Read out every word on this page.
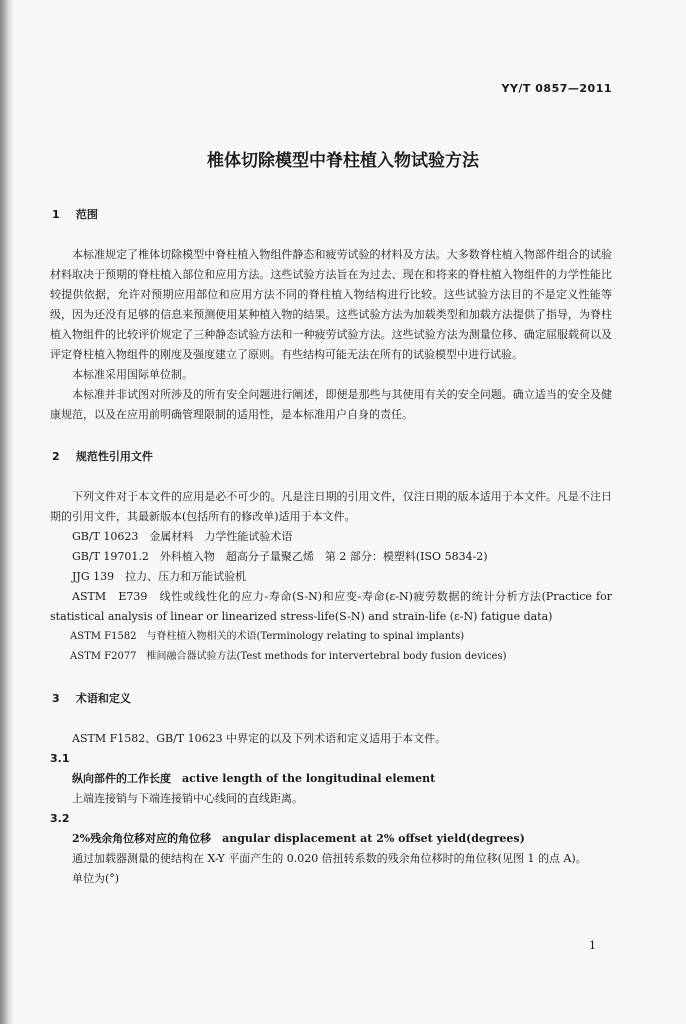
YY/T 0857—2011
椎体切除模型中脊柱植入物试验方法
1 范围

本标准规定了椎体切除模型中脊柱植入物组件静态和疲劳试验的材料及方法。大多数脊柱植入物部件组合的试验材料取决于预期的脊柱植入部位和应用方法。这些试验方法旨在为过去、现在和将来的脊柱植入物组件的力学性能比较提供依据，允许对预期应用部位和应用方法不同的脊柱植入物结构进行比较。这些试验方法目的不是定义性能等级，因为还没有足够的信息来预测使用某种植入物的结果。这些试验方法为加载类型和加载方法提供了指导，为脊柱植入物组件的比较评价规定了三种静态试验方法和一种疲劳试验方法。这些试验方法为测量位移、确定屈服载荷以及评定脊柱植入物组件的刚度及强度建立了原则。有些结构可能无法在所有的试验模型中进行试验。

本标准采用国际单位制。

本标准并非试图对所涉及的所有安全问题进行阐述，即便是那些与其使用有关的安全问题。确立适当的安全及健康规范，以及在应用前明确管理限制的适用性，是本标准用户自身的责任。

2 规范性引用文件

下列文件对于本文件的应用是必不可少的。凡是注日期的引用文件，仅注日期的版本适用于本文件。凡是不注日期的引用文件，其最新版本(包括所有的修改单)适用于本文件。

GB/T 10623　金属材料　力学性能试验术语

GB/T 19701.2　外科植入物　超高分子量聚乙烯　第 2 部分：模塑料(ISO 5834-2)

JJG 139　拉力、压力和万能试验机

ASTM　E739　线性或线性化的应力-寿命(S-N)和应变-寿命(ε-N)疲劳数据的统计分析方法(Practice for statistical analysis of linear or linearized stress-life(S-N) and strain-life (ε-N) fatigue data)

ASTM F1582　与脊柱植入物相关的术语(Terminology relating to spinal implants)

ASTM F2077　椎间融合器试验方法(Test methods for intervertebral body fusion devices)

3 术语和定义

ASTM F1582、GB/T 10623 中界定的以及下列术语和定义适用于本文件。

3.1

纵向部件的工作长度　active length of the longitudinal element

上端连接销与下端连接销中心线间的直线距离。

3.2

2%残余角位移对应的角位移　angular displacement at 2% offset yield(degrees)

通过加载器测量的使结构在 X-Y 平面产生的 0.020 倍扭转系数的残余角位移时的角位移(见图 1 的点 A)。

单位为(°)

1
